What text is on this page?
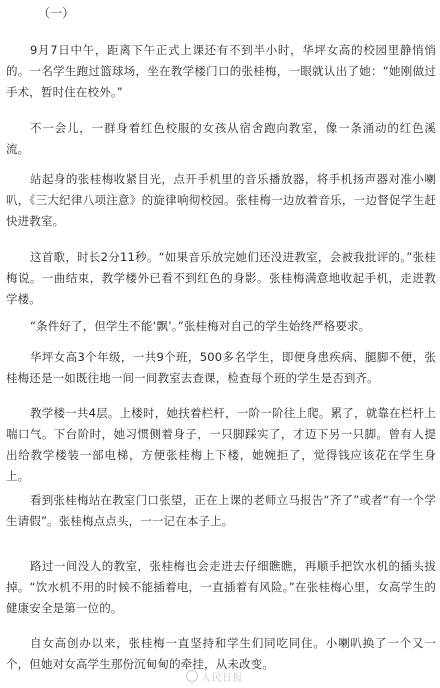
（一）

9月7日中午，距离下午正式上课还有不到半小时，华坪女高的校园里静悄悄的。一名学生跑过篮球场，坐在教学楼门口的张桂梅，一眼就认出了她：“她刚做过手术，暂时住在校外。”

不一会儿，一群身着红色校服的女孩从宿舍跑向教室，像一条涌动的红色溪流。

站起身的张桂梅收紧目光，点开手机里的音乐播放器，将手机扬声器对准小喇叭，《三大纪律八项注意》的旋律响彻校园。张桂梅一边放着音乐，一边督促学生赶快进教室。

这首歌，时长2分11秒。“如果音乐放完她们还没进教室，会被我批评的。”张桂梅说。一曲结束，教学楼外已看不到红色的身影。张桂梅满意地收起手机，走进教学楼。

“条件好了，但学生不能‘飘’。”张桂梅对自己的学生始终严格要求。

华坪女高3个年级，一共9个班，500多名学生，即便身患疾病、腿脚不便，张桂梅还是一如既往地一间一间教室去查课，检查每个班的学生是否到齐。

教学楼一共4层。上楼时，她扶着栏杆，一阶一阶往上爬。累了，就靠在栏杆上喘口气。下台阶时，她习惯侧着身子，一只脚踩实了，才迈下另一只脚。曾有人提出给教学楼装一部电梯，方便张桂梅上下楼，她婉拒了，觉得钱应该花在学生身上。

看到张桂梅站在教室门口张望，正在上课的老师立马报告“齐了”或者“有一个学生请假”。张桂梅点点头，一一记在本子上。

路过一间没人的教室，张桂梅也会走进去仔细瞧瞧，再顺手把饮水机的插头拔掉。“饮水机不用的时候不能插着电，一直插着有风险。”在张桂梅心里，女高学生的健康安全是第一位的。

自女高创办以来，张桂梅一直坚持和学生们同吃同住。小喇叭换了一个又一个，但她对女高学生那份沉甸甸的牵挂，从未改变。

人民日报
